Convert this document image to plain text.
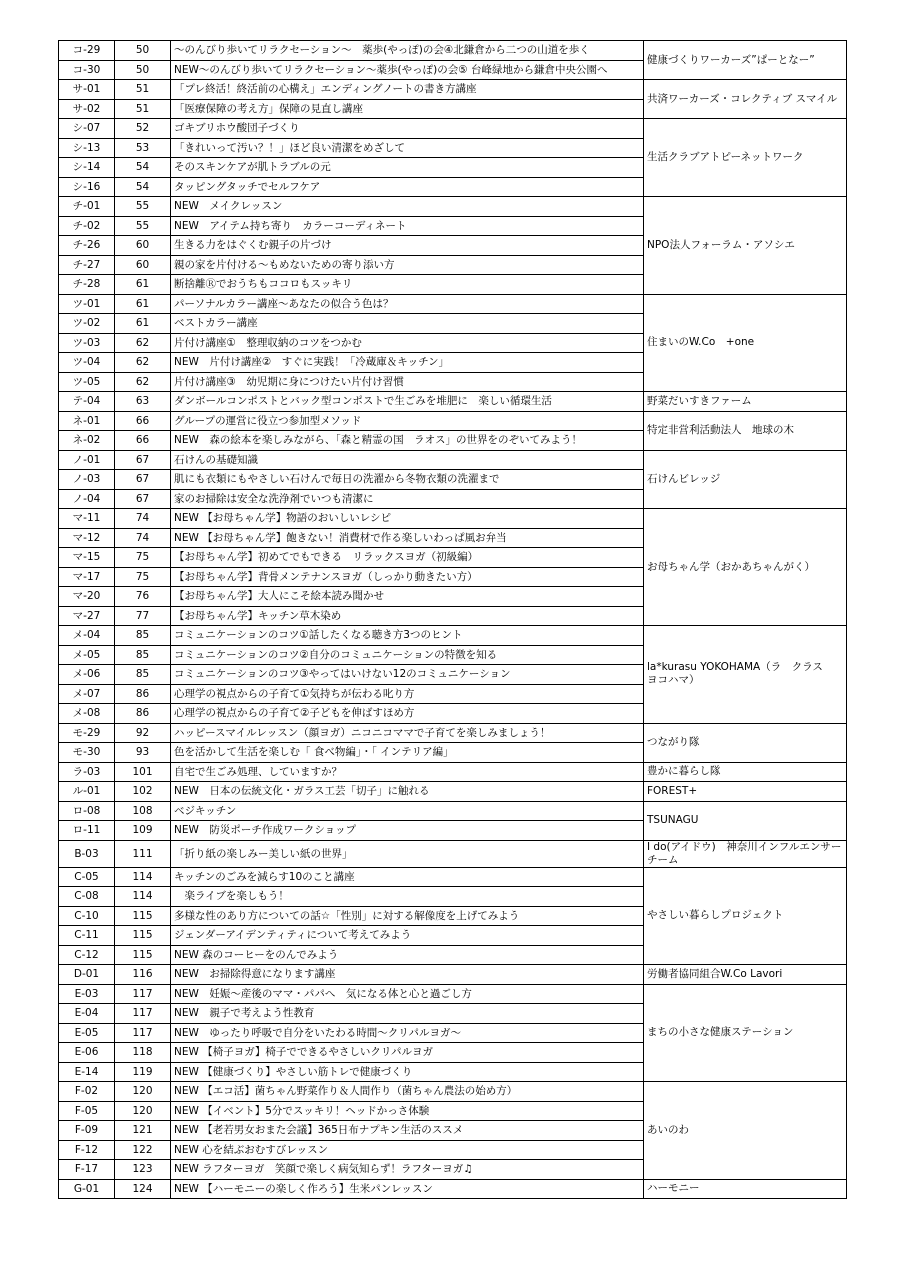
コ-29	50	～のんびり歩いてリラクセーション～　薬歩(やっぽ)の会④北鎌倉から二つの山道を歩く	健康づくりワーカーズ”ぱーとなー”
コ-30	50	NEW～のんびり歩いてリラクセーション～薬歩(やっぽ)の会⑤ 台峰緑地から鎌倉中央公園へ	
サ-01	51	「プレ終活！終活前の心構え」エンディングノートの書き方講座	共済ワーカーズ・コレクティブ スマイル
サ-02	51	「医療保障の考え方」保障の見直し講座	
シ-07	52	ゴキブリホウ酸団子づくり	生活クラブアトピーネットワーク
シ-13	53	「きれいって汚い？！」ほど良い清潔をめざして	
シ-14	54	そのスキンケアが肌トラブルの元	
シ-16	54	タッピングタッチでセルフケア	
チ-01	55	NEW　メイクレッスン	NPO法人フォーラム・アソシエ
チ-02	55	NEW　アイテム持ち寄り　カラーコーディネート	
チ-26	60	生きる力をはぐくむ親子の片づけ	
チ-27	60	親の家を片付ける～もめないための寄り添い方	
チ-28	61	断捨離Ⓡでおうちもココロもスッキリ	
ツ-01	61	パーソナルカラー講座～あなたの似合う色は？	住まいのW.Co　+one
ツ-02	61	ベストカラー講座	
ツ-03	62	片付け講座①　整理収納のコツをつかむ	
ツ-04	62	NEW　片付け講座②　すぐに実践！「冷蔵庫＆キッチン」	
ツ-05	62	片付け講座③　幼児期に身につけたい片付け習慣	
テ-04	63	ダンボールコンポストとバック型コンポストで生ごみを堆肥に　楽しい循環生活	野菜だいすきファーム
ネ-01	66	グループの運営に役立つ参加型メソッド	特定非営利活動法人　地球の木
ネ-02	66	NEW　森の絵本を楽しみながら、「森と精霊の国　ラオス」の世界をのぞいてみよう！	
ノ-01	67	石けんの基礎知識	石けんビレッジ
ノ-03	67	肌にも衣類にもやさしい石けんで毎日の洗濯から冬物衣類の洗濯まで	
ノ-04	67	家のお掃除は安全な洗浄剤でいつも清潔に	
マ-11	74	NEW 【お母ちゃん学】物語のおいしいレシピ	お母ちゃん学（おかあちゃんがく）
マ-12	74	NEW 【お母ちゃん学】飽きない！消費材で作る楽しいわっぱ風お弁当	
マ-15	75	【お母ちゃん学】初めてでもできる　リラックスヨガ（初級編）	
マ-17	75	【お母ちゃん学】背骨メンテナンスヨガ（しっかり動きたい方）	
マ-20	76	【お母ちゃん学】大人にこそ絵本読み聞かせ	
マ-27	77	【お母ちゃん学】キッチン草木染め	
メ-04	85	コミュニケーションのコツ①話したくなる聴き方3つのヒント	la*kurasu YOKOHAMA（ラ　クラス　ヨコハマ）
メ-05	85	コミュニケーションのコツ②自分のコミュニケーションの特徴を知る	
メ-06	85	コミュニケーションのコツ③やってはいけない12のコミュニケーション	
メ-07	86	心理学の視点からの子育て①気持ちが伝わる叱り方	
メ-08	86	心理学の視点からの子育て②子どもを伸ばすほめ方	
モ-29	92	ハッピースマイルレッスン（顔ヨガ）ニコニコママで子育てを楽しみましょう！	つながり隊
モ-30	93	色を活かして生活を楽しむ「 食べ物編」・「 インテリア編」	
ラ-03	101	自宅で生ごみ処理、していますか？	豊かに暮らし隊
ル-01	102	NEW　日本の伝統文化・ガラス工芸「切子」に触れる	FOREST+
ロ-08	108	ベジキッチン	TSUNAGU
ロ-11	109	NEW　防災ポーチ作成ワークショップ	
B-03	111	「折り紙の楽しみー美しい紙の世界」	I do(アイドウ)　神奈川インフルエンサーチーム
C-05	114	キッチンのごみを減らす10のこと講座	やさしい暮らしプロジェクト
C-08	114	　楽ライブを楽しもう！	
C-10	115	多様な性のあり方についての話☆「性別」に対する解像度を上げてみよう	
C-11	115	ジェンダーアイデンティティについて考えてみよう	
C-12	115	NEW 森のコーヒーをのんでみよう	
D-01	116	NEW　お掃除得意になります講座	労働者協同組合W.Co Lavori
E-03	117	NEW　妊娠～産後のママ・パパへ　気になる体と心と過ごし方	まちの小さな健康ステーション
E-04	117	NEW　親子で考えよう性教育	
E-05	117	NEW　ゆったり呼吸で自分をいたわる時間～クリパルヨガ～	
E-06	118	NEW 【椅子ヨガ】椅子でできるやさしいクリパルヨガ	
E-14	119	NEW 【健康づくり】やさしい筋トレで健康づくり	
F-02	120	NEW 【エコ活】菌ちゃん野菜作り＆人間作り（菌ちゃん農法の始め方）	あいのわ
F-05	120	NEW 【イベント】5分でスッキリ！ヘッドかっさ体験	
F-09	121	NEW 【老若男女おまた会議】365日布ナプキン生活のススメ	
F-12	122	NEW 心を結ぶおむすびレッスン	
F-17	123	NEW ラフターヨガ　笑顔で楽しく病気知らず！ラフターヨガ♫	
G-01	124	NEW 【ハーモニーの楽しく作ろう】生米パンレッスン	ハーモニー
